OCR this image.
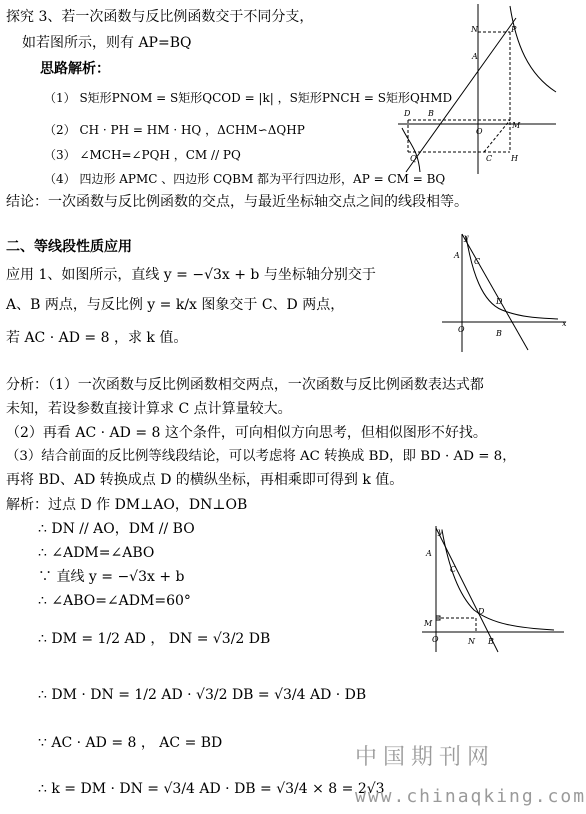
探究 3、若一次函数与反比例函数交于不同分支，
如若图所示，则有 AP=BQ
思路解析：
（1） S矩形PNOM = S矩形QCOD = |k| ，S矩形PNCH = S矩形QHMD
（2） CH · PH = HM · HQ ，ΔCHM∽ΔQHP
（3） ∠MCH=∠PQH ，CM // PQ
（4） 四边形 APMC 、四边形 CQBM 都为平行四边形，AP = CM = BQ
结论：一次函数与反比例函数的交点，与最近坐标轴交点之间的线段相等。
二、等线段性质应用
应用 1、如图所示，直线 y = −√3x + b 与坐标轴分别交于
A、B 两点，与反比例 y = k/x 图象交于 C、D 两点，
若 AC · AD = 8 ，求 k 值。
分析：（1）一次函数与反比例函数相交两点，一次函数与反比例函数表达式都
未知，若设参数直接计算求 C 点计算量较大。
（2）再看 AC · AD = 8 这个条件，可向相似方向思考，但相似图形不好找。
（3）结合前面的反比例等线段结论，可以考虑将 AC 转换成 BD，即 BD · AD = 8，
再将 BD、AD 转换成点 D 的横纵坐标，再相乘即可得到 k 值。
解析：过点 D 作 DM⊥AO，DN⊥OB
∴ DN // AO，DM // BO
∴ ∠ADM=∠ABO
∵ 直线 y = −√3x + b
∴ ∠ABO=∠ADM=60°
∴ DM = 1/2 AD ， DN = √3/2 DB
∴ DM · DN = 1/2 AD · √3/2 DB = √3/4 AD · DB
∵ AC · AD = 8 ， AC = BD
∴ k = DM · DN = √3/4 AD · DB = √3/4 × 8 = 2√3
P
N
A
D B
O
M
Q	C H
y
A
C
D
O	B
x
y
A
C
D
M
O	N B
中国期刊网
www.chinaqking.com
